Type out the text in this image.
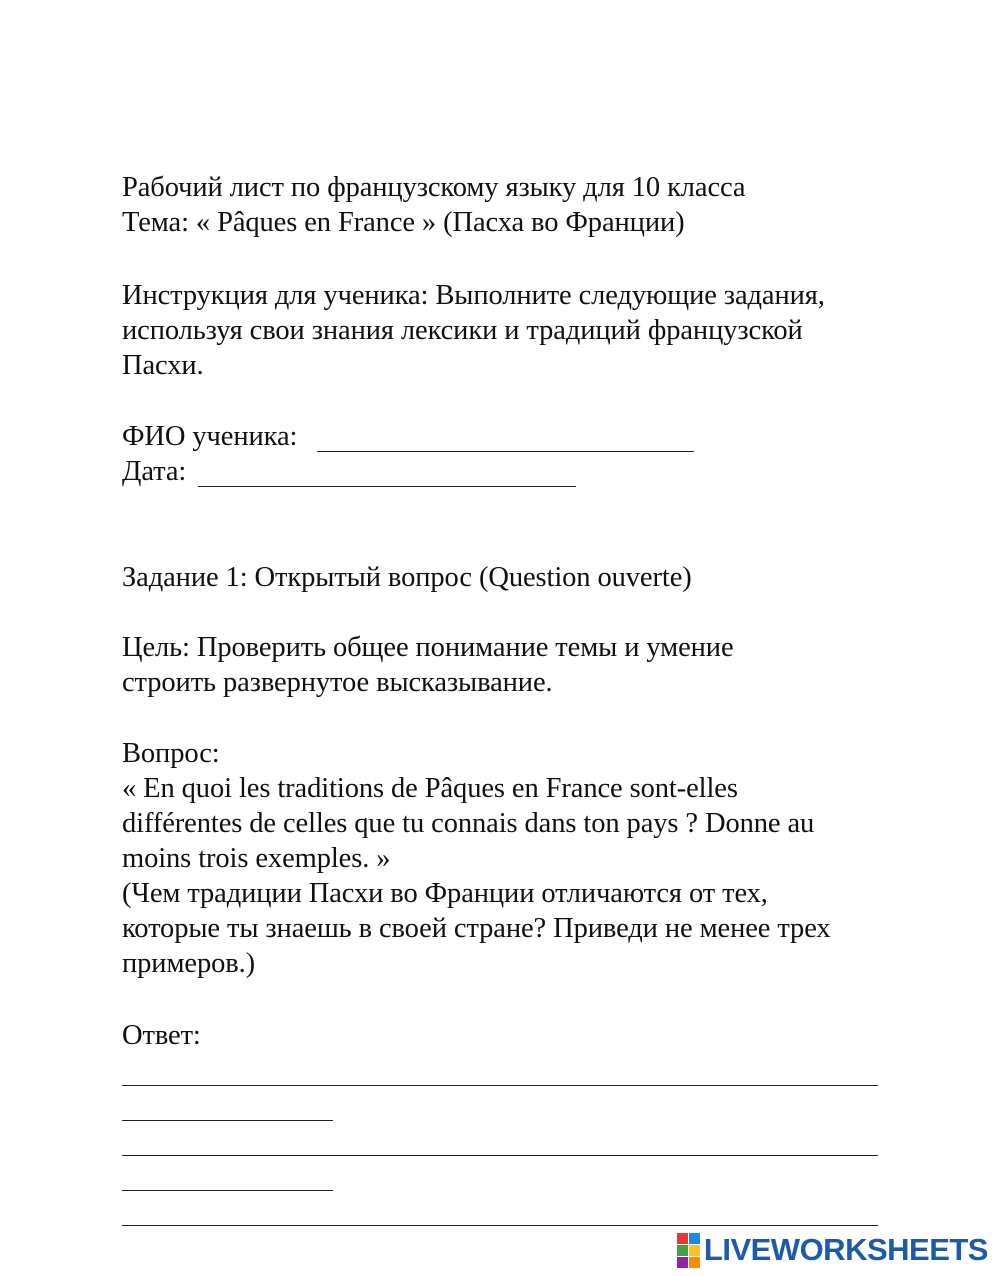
Рабочий лист по французскому языку для 10 класса
Тема: « Pâques en France » (Пасха во Франции)
Инструкция для ученика: Выполните следующие задания,
используя свои знания лексики и традиций французской
Пасхи.
ФИО ученика:
Дата:
Задание 1: Открытый вопрос (Question ouverte)
Цель: Проверить общее понимание темы и умение
строить развернутое высказывание.
Вопрос:
« En quoi les traditions de Pâques en France sont-elles
différentes de celles que tu connais dans ton pays ? Donne au
moins trois exemples. »
(Чем традиции Пасхи во Франции отличаются от тех,
которые ты знаешь в своей стране? Приведи не менее трех
примеров.)
Ответ:
LIVEWORKSHEETS
